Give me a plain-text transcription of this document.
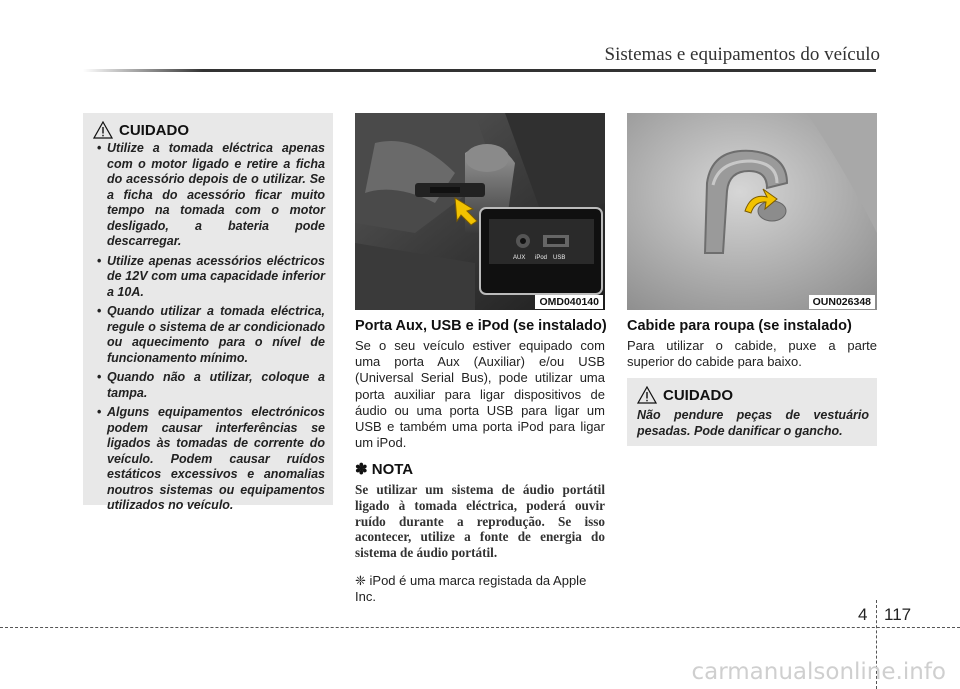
Sistemas e equipamentos do veículo
CUIDADO
• Utilize a tomada eléctrica apenas com o motor ligado e retire a ficha do acessório depois de o utilizar. Se a ficha do acessório ficar muito tempo na tomada com o motor desligado, a bateria pode descarregar.
• Utilize apenas acessórios eléctricos de 12V com uma capacidade inferior a 10A.
• Quando utilizar a tomada eléctrica, regule o sistema de ar condicionado ou aquecimento para o nível de funcionamento mínimo.
• Quando não a utilizar, coloque a tampa.
• Alguns equipamentos electrónicos podem causar interferências se ligados às tomadas de corrente do veículo. Podem causar ruídos estáticos excessivos e anomalias noutros sistemas ou equipamentos utilizados no veículo.
AUX iPod USB
OMD040140
Porta Aux, USB e iPod (se instalado)

Se o seu veículo estiver equipado com uma porta Aux (Auxiliar) e/ou USB (Universal Serial Bus), pode utilizar uma porta auxiliar para ligar dispositivos de áudio ou uma porta USB para ligar um USB e também uma porta iPod para ligar um iPod.

✽ NOTA

Se utilizar um sistema de áudio portátil ligado à tomada eléctrica, poderá ouvir ruído durante a reprodução. Se isso acontecer, utilize a fonte de energia do sistema de áudio portátil.

❈ iPod é uma marca registada da Apple Inc.
OUN026348
Cabide para roupa (se instalado)

Para utilizar o cabide, puxe a parte superior do cabide para baixo.

CUIDADO
Não pendure peças de vestuário pesadas. Pode danificar o gancho.
4 117
carmanualsonline.info
